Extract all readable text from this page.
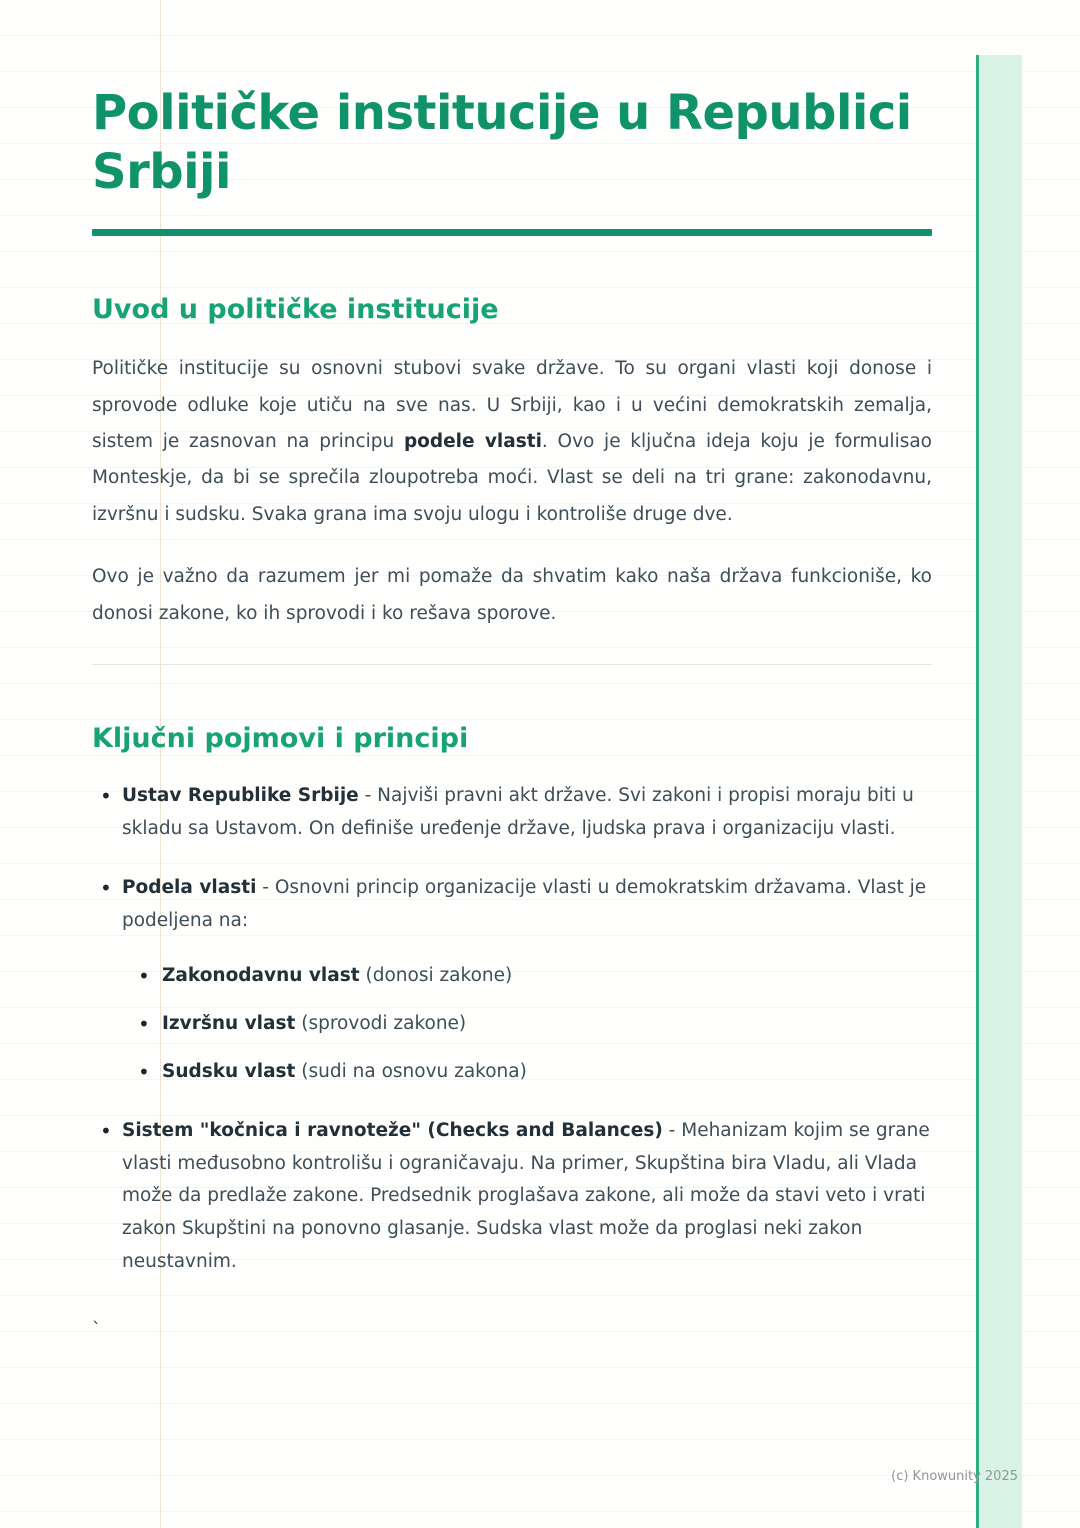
Političke institucije u Republici
Srbiji
Uvod u političke institucije

Političke institucije su osnovni stubovi svake države. To su organi vlasti koji donose i sprovode odluke koje utiču na sve nas. U Srbiji, kao i u većini demokratskih zemalja, sistem je zasnovan na principu podele vlasti. Ovo je ključna ideja koju je formulisao Monteskje, da bi se sprečila zloupotreba moći. Vlast se deli na tri grane: zakonodavnu, izvršnu i sudsku. Svaka grana ima svoju ulogu i kontroliše druge dve.

Ovo je važno da razumem jer mi pomaže da shvatim kako naša država funkcioniše, ko donosi zakone, ko ih sprovodi i ko rešava sporove.

Ključni pojmovi i principi
• Ustav Republike Srbije - Najviši pravni akt države. Svi zakoni i propisi moraju biti u skladu sa Ustavom. On definiše uređenje države, ljudska prava i organizaciju vlasti.
• Podela vlasti - Osnovni princip organizacije vlasti u demokratskim državama. Vlast je podeljena na:
• Zakonodavnu vlast (donosi zakone)
• Izvršnu vlast (sprovodi zakone)
• Sudsku vlast (sudi na osnovu zakona)
• Sistem "kočnica i ravnoteže" (Checks and Balances) - Mehanizam kojim se grane vlasti međusobno kontrolišu i ograničavaju. Na primer, Skupština bira Vladu, ali Vlada može da predlaže zakone. Predsednik proglašava zakone, ali može da stavi veto i vrati zakon Skupštini na ponovno glasanje. Sudska vlast može da proglasi neki zakon neustavnim.
`
(c) Knowunity 2025
